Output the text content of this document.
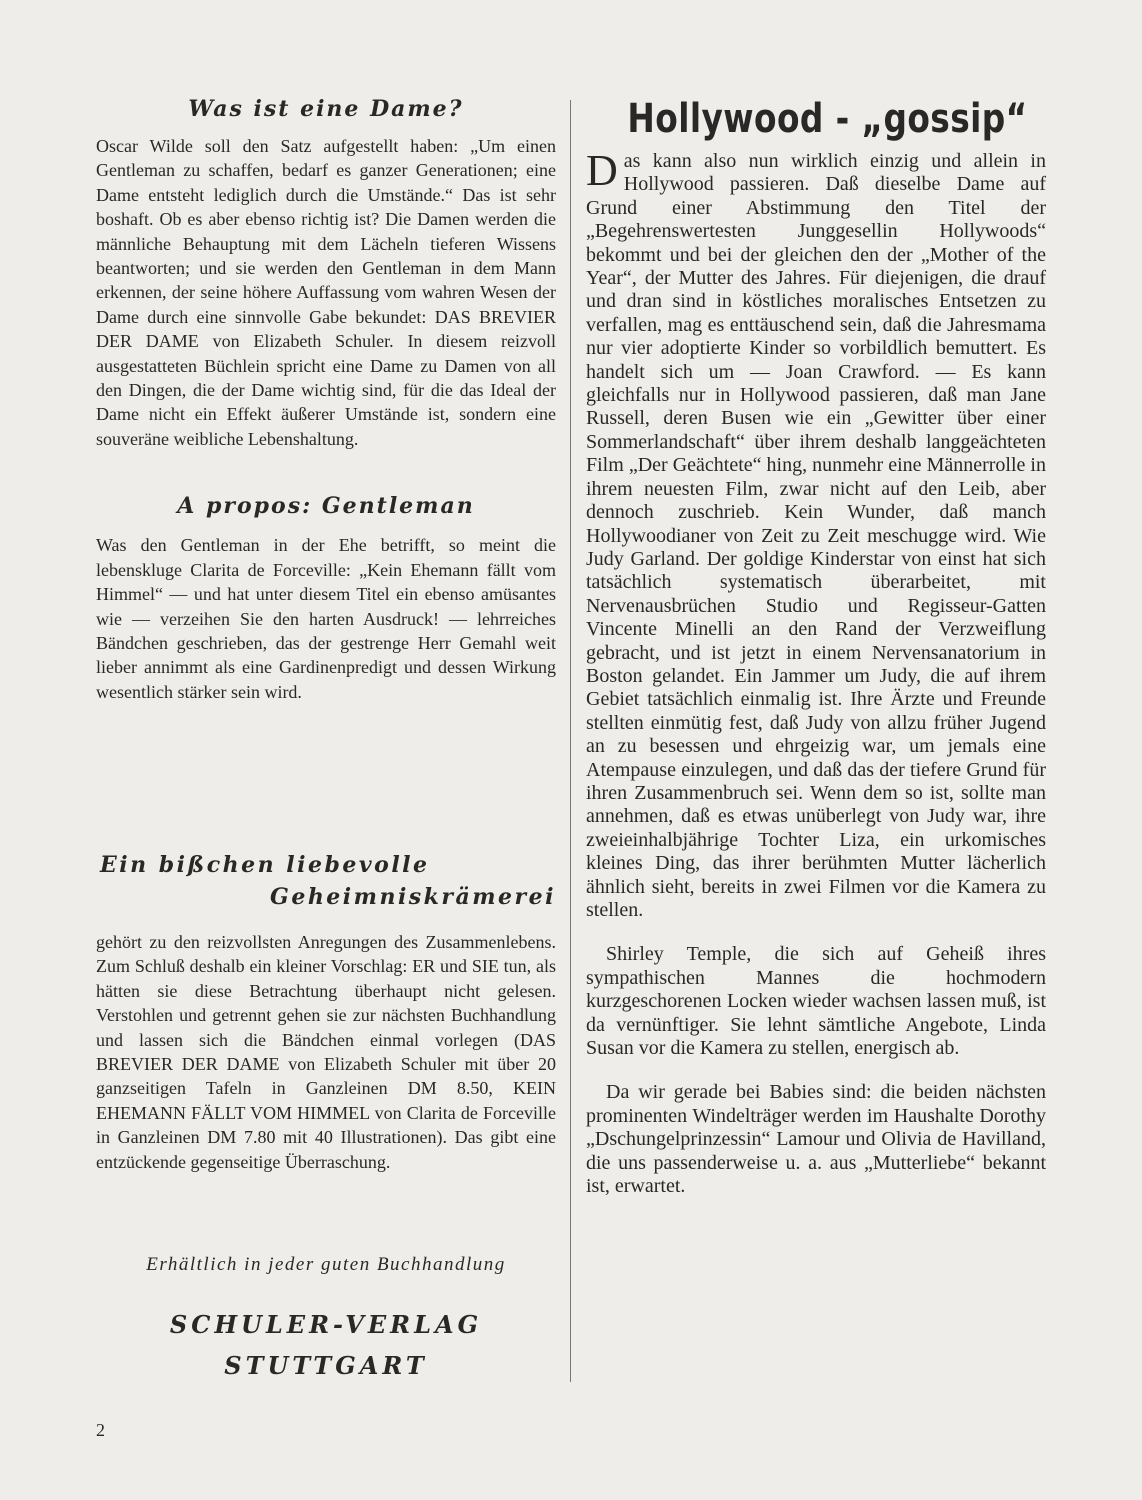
Was ist eine Dame?

Oscar Wilde soll den Satz aufgestellt haben: „Um einen Gentleman zu schaffen, bedarf es ganzer Generationen; eine Dame entsteht lediglich durch die Umstände.“ Das ist sehr boshaft. Ob es aber ebenso richtig ist? Die Damen werden die männliche Behauptung mit dem Lächeln tieferen Wissens beantworten; und sie werden den Gentleman in dem Mann erkennen, der seine höhere Auffassung vom wahren Wesen der Dame durch eine sinnvolle Gabe bekundet: DAS BREVIER DER DAME von Elizabeth Schuler. In diesem reizvoll ausgestatteten Büchlein spricht eine Dame zu Damen von all den Dingen, die der Dame wichtig sind, für die das Ideal der Dame nicht ein Effekt äußerer Umstände ist, sondern eine souveräne weibliche Lebenshaltung.

A propos: Gentleman

Was den Gentleman in der Ehe betrifft, so meint die lebenskluge Clarita de Forceville: „Kein Ehemann fällt vom Himmel“ — und hat unter diesem Titel ein ebenso amüsantes wie — verzeihen Sie den harten Ausdruck! — lehrreiches Bändchen geschrieben, das der gestrenge Herr Gemahl weit lieber annimmt als eine Gardinenpredigt und dessen Wirkung wesentlich stärker sein wird.

Ein bißchen liebevolle
Geheimniskrämerei

gehört zu den reizvollsten Anregungen des Zusammenlebens. Zum Schluß deshalb ein kleiner Vorschlag: ER und SIE tun, als hätten sie diese Betrachtung überhaupt nicht gelesen. Verstohlen und getrennt gehen sie zur nächsten Buchhandlung und lassen sich die Bändchen einmal vorlegen (DAS BREVIER DER DAME von Elizabeth Schuler mit über 20 ganzseitigen Tafeln in Ganzleinen DM 8.50, KEIN EHEMANN FÄLLT VOM HIMMEL von Clarita de Forceville in Ganzleinen DM 7.80 mit 40 Illustrationen). Das gibt eine entzückende gegenseitige Überraschung.

Erhältlich in jeder guten Buchhandlung

SCHULER-VERLAG

STUTTGART

Hollywood - „gossip“

Das kann also nun wirklich einzig und allein in Hollywood passieren. Daß dieselbe Dame auf Grund einer Abstimmung den Titel der „Begehrenswertesten Junggesellin Hollywoods“ bekommt und bei der gleichen den der „Mother of the Year“, der Mutter des Jahres. Für diejenigen, die drauf und dran sind in köstliches moralisches Entsetzen zu verfallen, mag es enttäuschend sein, daß die Jahresmama nur vier adoptierte Kinder so vorbildlich bemuttert. Es handelt sich um — Joan Crawford. — Es kann gleichfalls nur in Hollywood passieren, daß man Jane Russell, deren Busen wie ein „Gewitter über einer Sommerlandschaft“ über ihrem deshalb langgeächteten Film „Der Geächtete“ hing, nunmehr eine Männerrolle in ihrem neuesten Film, zwar nicht auf den Leib, aber dennoch zuschrieb. Kein Wunder, daß manch Hollywoodianer von Zeit zu Zeit meschugge wird. Wie Judy Garland. Der goldige Kinderstar von einst hat sich tatsächlich systematisch überarbeitet, mit Nervenausbrüchen Studio und Regisseur-Gatten Vincente Minelli an den Rand der Verzweiflung gebracht, und ist jetzt in einem Nervensanatorium in Boston gelandet. Ein Jammer um Judy, die auf ihrem Gebiet tatsächlich einmalig ist. Ihre Ärzte und Freunde stellten einmütig fest, daß Judy von allzu früher Jugend an zu besessen und ehrgeizig war, um jemals eine Atempause einzulegen, und daß das der tiefere Grund für ihren Zusammenbruch sei. Wenn dem so ist, sollte man annehmen, daß es etwas unüberlegt von Judy war, ihre zweieinhalbjährige Tochter Liza, ein urkomisches kleines Ding, das ihrer berühmten Mutter lächerlich ähnlich sieht, bereits in zwei Filmen vor die Kamera zu stellen.

Shirley Temple, die sich auf Geheiß ihres sympathischen Mannes die hochmodern kurzgeschorenen Locken wieder wachsen lassen muß, ist da vernünftiger. Sie lehnt sämtliche Angebote, Linda Susan vor die Kamera zu stellen, energisch ab.

Da wir gerade bei Babies sind: die beiden nächsten prominenten Windelträger werden im Haushalte Dorothy „Dschungelprinzessin“ Lamour und Olivia de Havilland, die uns passenderweise u. a. aus „Mutterliebe“ bekannt ist, erwartet.

2
